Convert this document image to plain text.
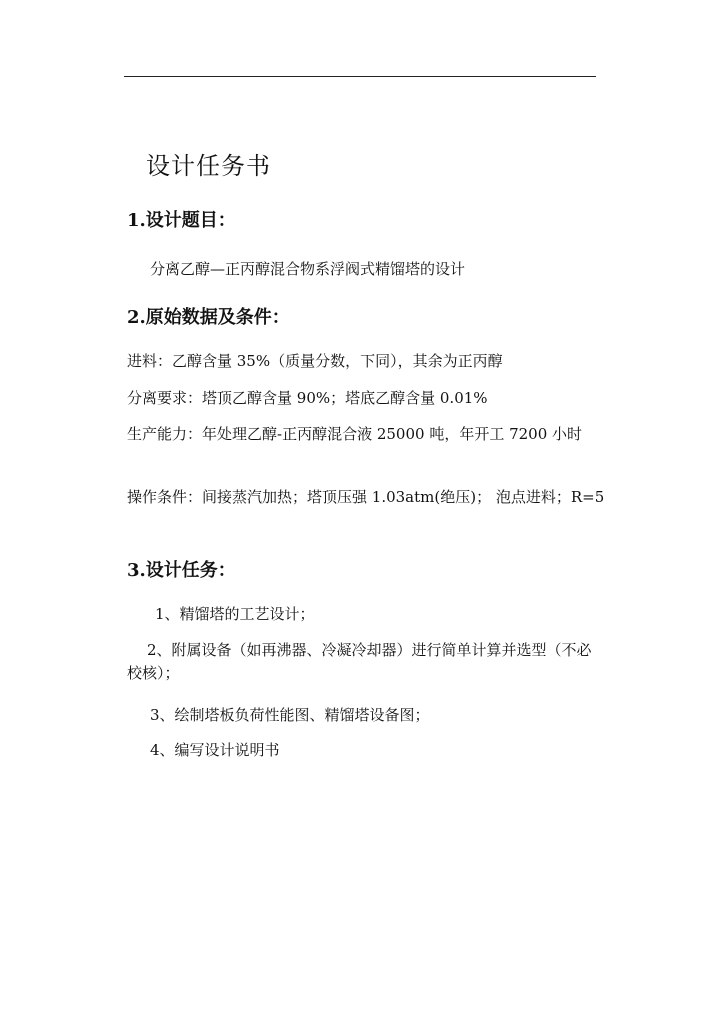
设计任务书
1.设计题目：
分离乙醇—正丙醇混合物系浮阀式精馏塔的设计
2.原始数据及条件：
进料：乙醇含量 35%（质量分数，下同），其余为正丙醇
分离要求：塔顶乙醇含量 90%；塔底乙醇含量 0.01%
生产能力：年处理乙醇-正丙醇混合液 25000 吨，年开工 7200 小时
操作条件：间接蒸汽加热；塔顶压强 1.03atm(绝压)； 泡点进料；R=5
3.设计任务：
1、精馏塔的工艺设计；
2、附属设备（如再沸器、冷凝冷却器）进行简单计算并选型（不必校核）；
3、绘制塔板负荷性能图、精馏塔设备图；
4、编写设计说明书
